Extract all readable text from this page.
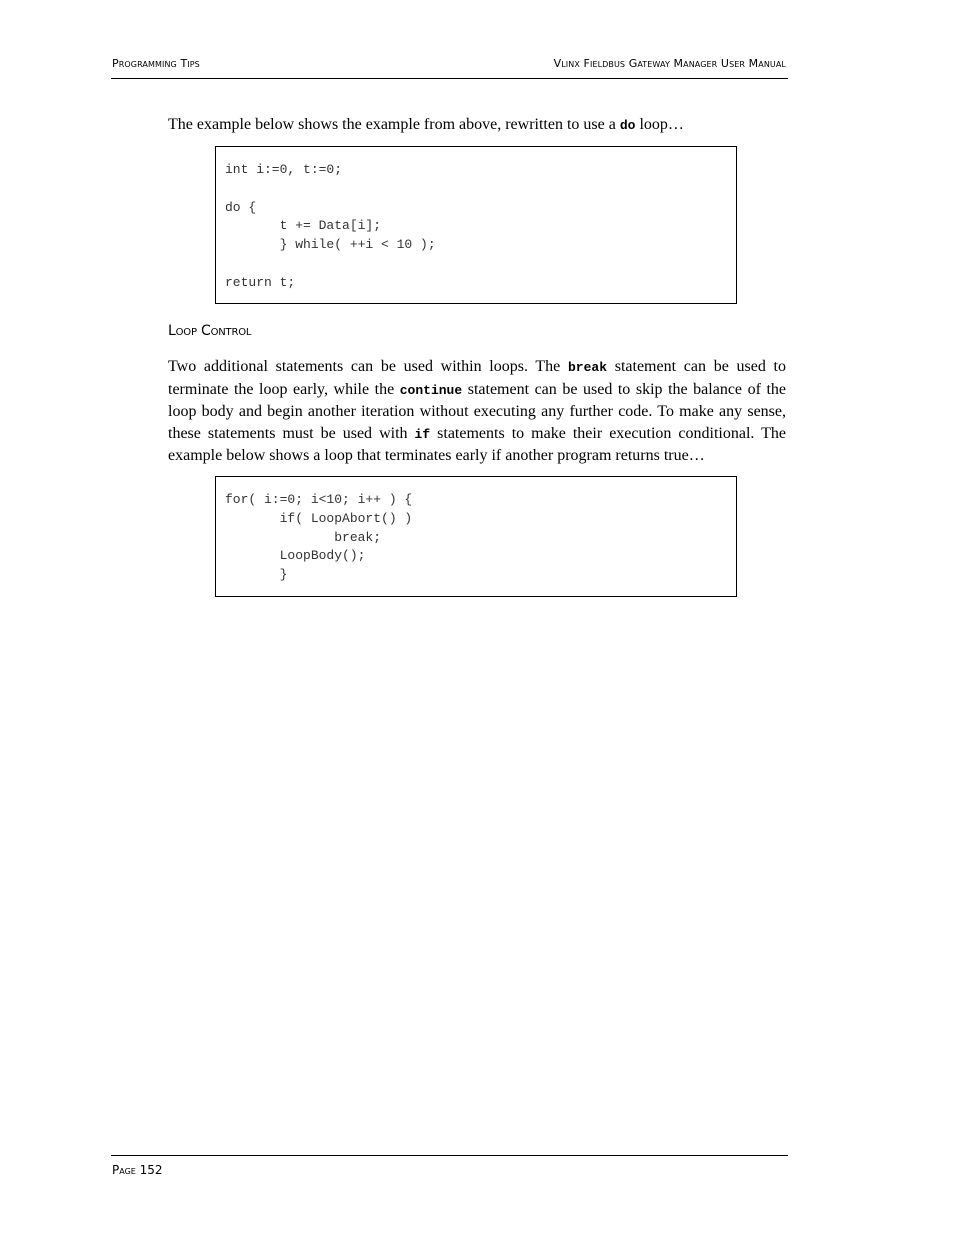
Programming Tips	Vlinx Fieldbus Gateway Manager User Manual

The example below shows the example from above, rewritten to use a do loop…

int i:=0, t:=0;

do {
t += Data[i];
} while( ++i < 10 );

return t;
Loop Control

Two additional statements can be used within loops. The break statement can be used to terminate the loop early, while the continue statement can be used to skip the balance of the loop body and begin another iteration without executing any further code. To make any sense, these statements must be used with if statements to make their execution conditional. The example below shows a loop that terminates early if another program returns true…

for( i:=0; i<10; i++ ) {
if( LoopAbort() )
break;
LoopBody();
}
Page 152
